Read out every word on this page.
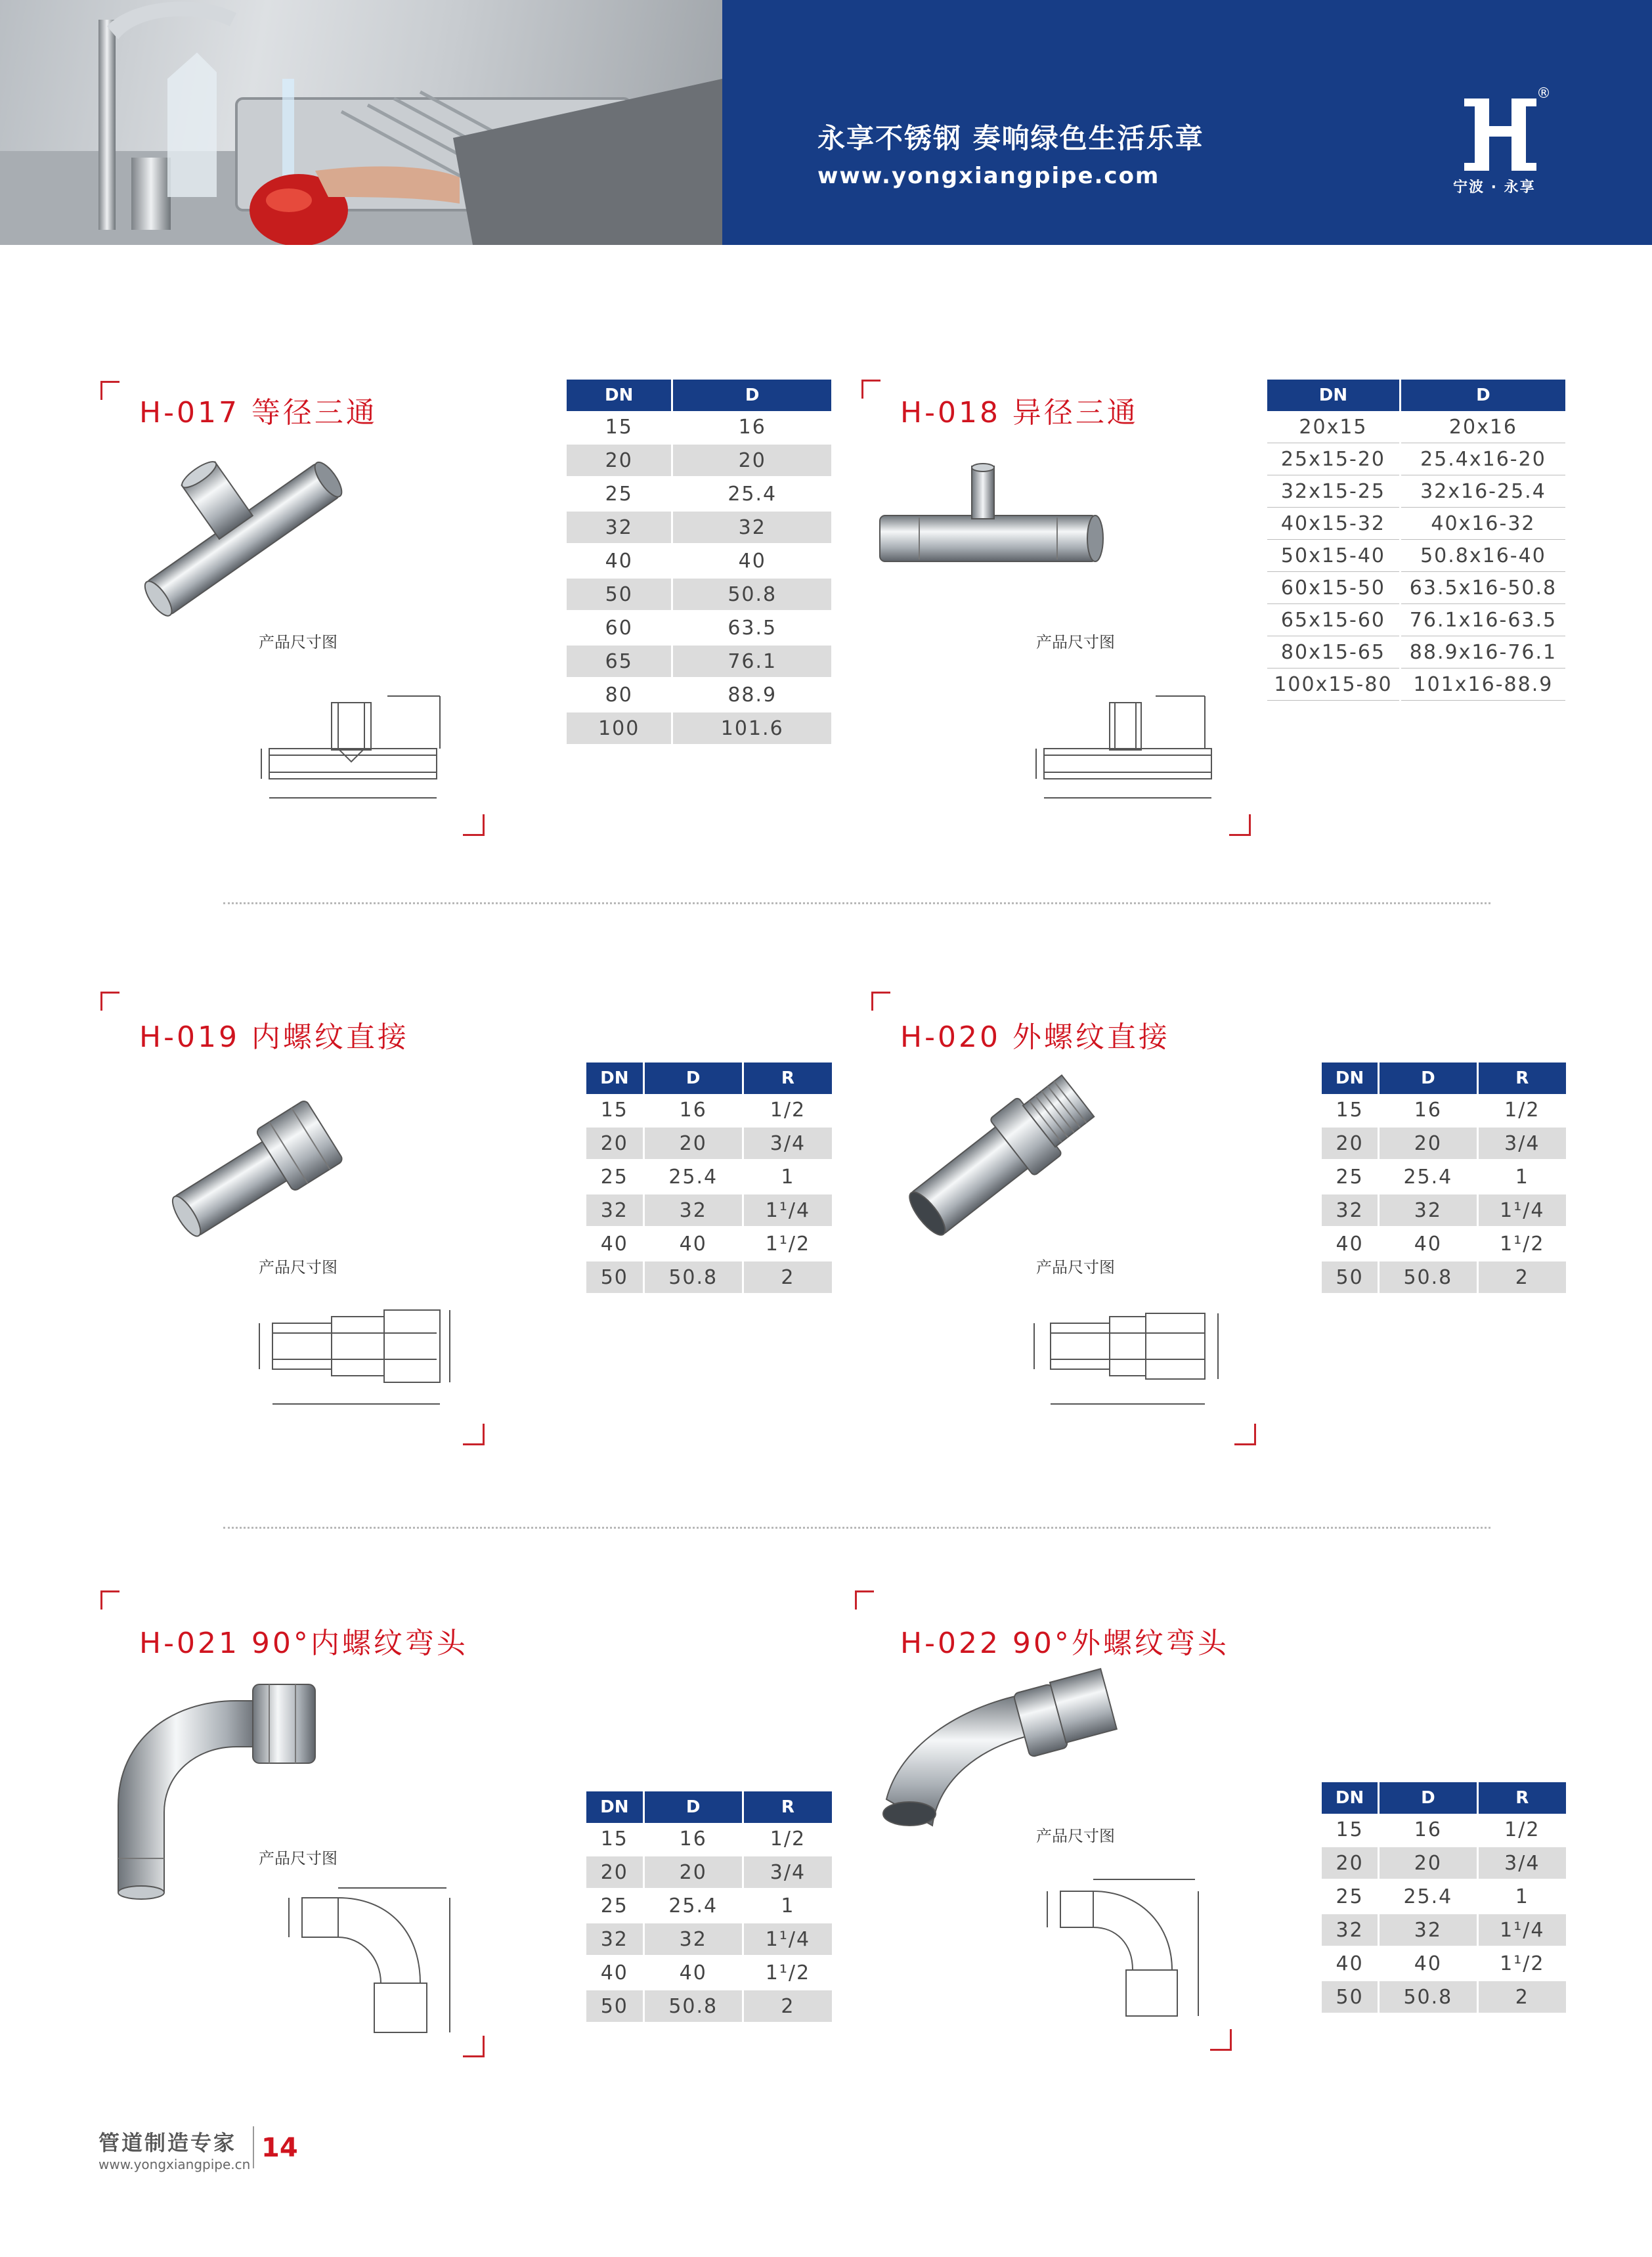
永享不锈钢 奏响绿色生活乐章
www.yongxiangpipe.com
®
宁波 · 永享
H-017 等径三通
产品尺寸图
DN	D
15	16
20	20
25	25.4
32	32
40	40
50	50.8
60	63.5
65	76.1
80	88.9
100	101.6
H-018 异径三通
产品尺寸图
DN	D
20x15	20x16
25x15-20	25.4x16-20
32x15-25	32x16-25.4
40x15-32	40x16-32
50x15-40	50.8x16-40
60x15-50	63.5x16-50.8
65x15-60	76.1x16-63.5
80x15-65	88.9x16-76.1
100x15-80	101x16-88.9
H-019 内螺纹直接
产品尺寸图
DN	D	R
15	16	1/2
20	20	3/4
25	25.4	1
32	32	1¹/4
40	40	1¹/2
50	50.8	2
H-020 外螺纹直接
产品尺寸图
DN	D	R
15	16	1/2
20	20	3/4
25	25.4	1
32	32	1¹/4
40	40	1¹/2
50	50.8	2
H-021 90°内螺纹弯头
产品尺寸图
DN	D	R
15	16	1/2
20	20	3/4
25	25.4	1
32	32	1¹/4
40	40	1¹/2
50	50.8	2
H-022 90°外螺纹弯头
产品尺寸图
DN	D	R
15	16	1/2
20	20	3/4
25	25.4	1
32	32	1¹/4
40	40	1¹/2
50	50.8	2
管道制造专家
www.yongxiangpipe.cn
14
